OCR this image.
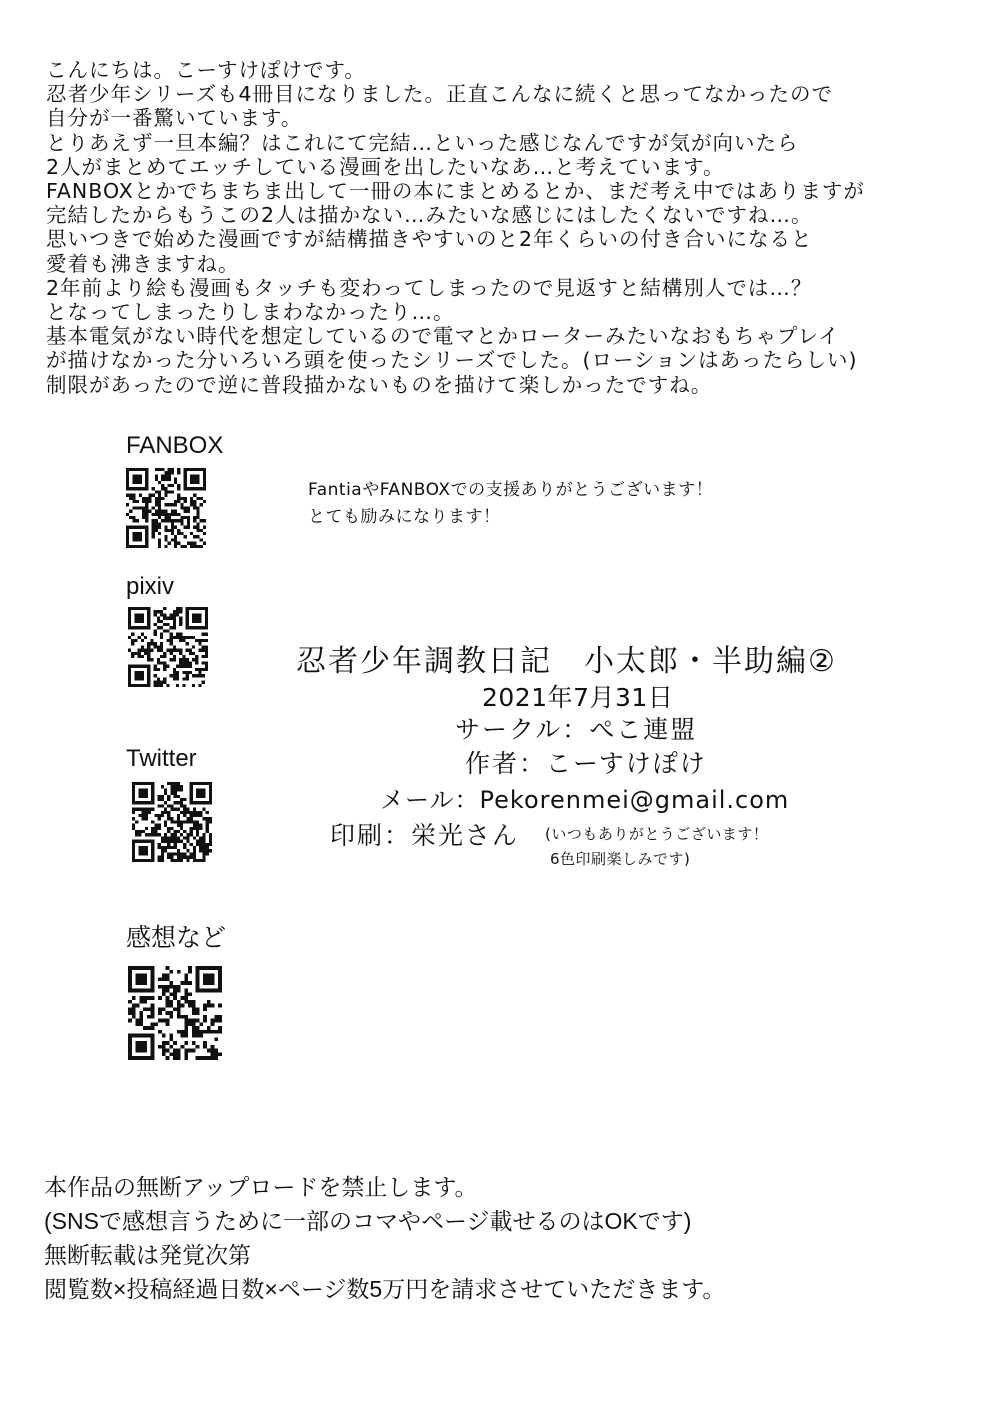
こんにちは。こーすけぽけです。
忍者少年シリーズも4冊目になりました。正直こんなに続くと思ってなかったので
自分が一番驚いています。
とりあえず一旦本編？はこれにて完結…といった感じなんですが気が向いたら
2人がまとめてエッチしている漫画を出したいなあ…と考えています。
FANBOXとかでちまちま出して一冊の本にまとめるとか、まだ考え中ではありますが
完結したからもうこの2人は描かない…みたいな感じにはしたくないですね…。
思いつきで始めた漫画ですが結構描きやすいのと2年くらいの付き合いになると
愛着も沸きますね。
2年前より絵も漫画もタッチも変わってしまったので見返すと結構別人では…？
となってしまったりしまわなかったり…。
基本電気がない時代を想定しているので電マとかローターみたいなおもちゃプレイ
が描けなかった分いろいろ頭を使ったシリーズでした。(ローションはあったらしい)
制限があったので逆に普段描かないものを描けて楽しかったですね。
FANBOX
pixiv
Twitter
感想など
FantiaやFANBOXでの支援ありがとうございます！
とても励みになります！
忍者少年調教日記　小太郎・半助編②
2021年7月31日
サークル：ぺこ連盟
作者：こーすけぽけ
メール：Pekorenmei@gmail.com
印刷：栄光さん (いつもありがとうございます！
6色印刷楽しみです)
本作品の無断アップロードを禁止します。
(SNSで感想言うために一部のコマやページ載せるのはOKです)
無断転載は発覚次第
閲覧数×投稿経過日数×ページ数5万円を請求させていただきます。
